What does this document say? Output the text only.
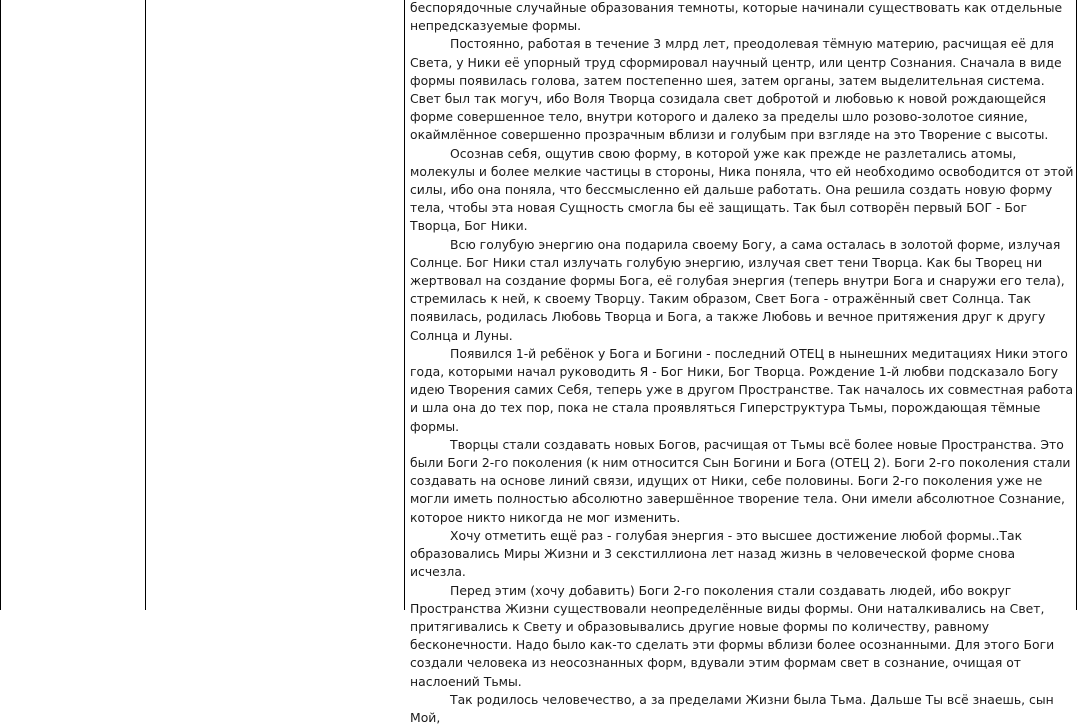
беспорядочные случайные образования темноты, которые начинали существовать как отдельные непредсказуемые формы.

Постоянно, работая в течение 3 млрд лет, преодолевая тёмную материю, расчищая её для Света, у Ники её упорный труд сформировал научный центр, или центр Сознания. Сначала в виде формы появилась голова, затем постепенно шея, затем органы, затем выделительная система. Свет был так могуч, ибо Воля Творца созидала свет добротой и любовью к новой рождающейся форме совершенное тело, внутри которого и далеко за пределы шло розово-золотое сияние, окаймлённое совершенно прозрачным вблизи и голубым при взгляде на это Творение с высоты.

Осознав себя, ощутив свою форму, в которой уже как прежде не разлетались атомы, молекулы и более мелкие частицы в стороны, Ника поняла, что ей необходимо освободится от этой силы, ибо она поняла, что бессмысленно ей дальше работать. Она решила создать новую форму тела, чтобы эта новая Сущность смогла бы её защищать. Так был сотворён первый БОГ - Бог Творца, Бог Ники.

Всю голубую энергию она подарила своему Богу, а сама осталась в золотой форме, излучая Солнце. Бог Ники стал излучать голубую энергию, излучая свет тени Творца. Как бы Творец ни жертвовал на создание формы Бога, её голубая энергия (теперь внутри Бога и снаружи его тела), стремилась к ней, к своему Творцу. Таким образом, Свет Бога - отражённый свет Солнца. Так появилась, родилась Любовь Творца и Бога, а также Любовь и вечное притяжения друг к другу Солнца и Луны.

Появился 1-й ребёнок у Бога и Богини - последний ОТЕЦ в нынешних медитациях Ники этого года, которыми начал руководить Я - Бог Ники, Бог Творца. Рождение 1-й любви подсказало Богу идею Творения самих Себя, теперь уже в другом Пространстве. Так началось их совместная работа и шла она до тех пор, пока не стала проявляться Гиперструктура Тьмы, порождающая тёмные формы.

Творцы стали создавать новых Богов, расчищая от Тьмы всё более новые Пространства. Это были Боги 2-го поколения (к ним относится Сын Богини и Бога (ОТЕЦ 2). Боги 2-го поколения стали создавать на основе линий связи, идущих от Ники, себе половины. Боги 2-го поколения уже не могли иметь полностью абсолютно завершённое творение тела. Они имели абсолютное Сознание, которое никто никогда не мог изменить.

Хочу отметить ещё раз - голубая энергия - это высшее достижение любой формы..Так образовались Миры Жизни и 3 секстиллиона лет назад жизнь в человеческой форме снова исчезла.

Перед этим (хочу добавить) Боги 2-го поколения стали создавать людей, ибо вокруг Пространства Жизни существовали неопределённые виды формы. Они наталкивались на Свет, притягивались к Свету и образовывались другие новые формы по количеству, равному бесконечности. Надо было как-то сделать эти формы вблизи более осознанными. Для этого Боги создали человека из неосознанных форм, вдували этим формам свет в сознание, очищая от наслоений Тьмы.

Так родилось человечество, а за пределами Жизни была Тьма. Дальше Ты всё знаешь, сын Мой,
